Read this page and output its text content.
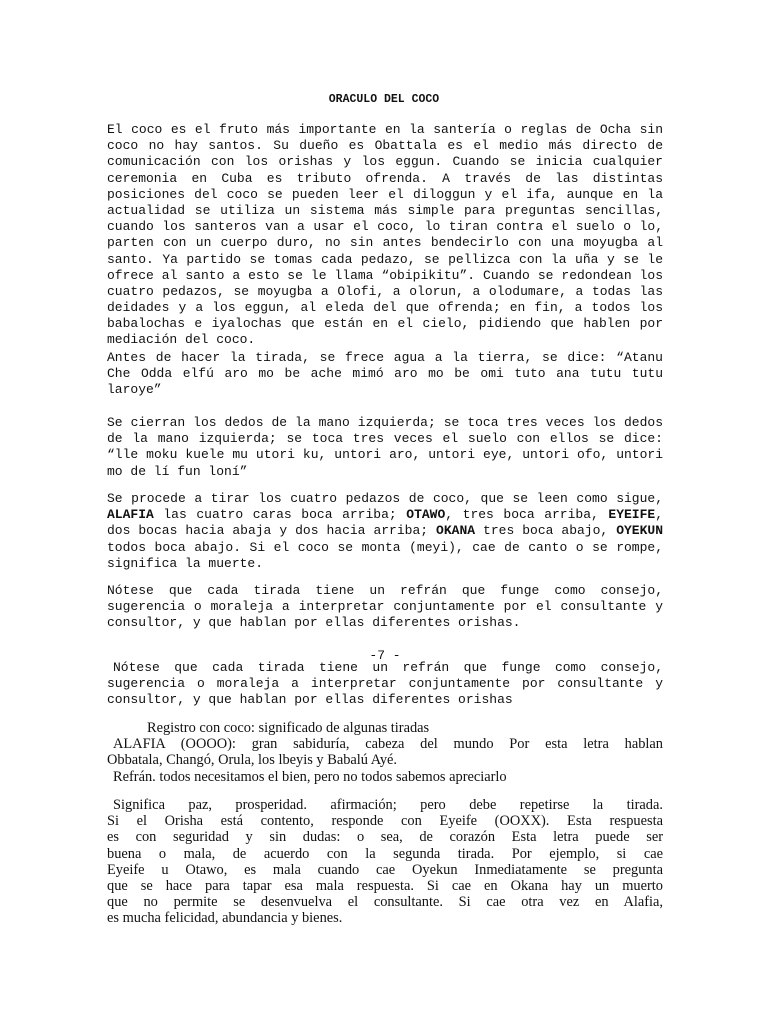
ORACULO DEL COCO
El coco es el fruto más importante en la santería o reglas de Ocha sin
coco no hay santos. Su dueño es Obattala es el medio más directo de
comunicación con los orishas y los eggun. Cuando se inicia cualquier
ceremonia en Cuba es tributo ofrenda. A través de las distintas
posiciones del coco se pueden leer el diloggun y el ifa, aunque en la
actualidad se utiliza un sistema más simple para preguntas sencillas,
cuando los santeros van a usar el coco, lo tiran contra el suelo o lo,
parten con un cuerpo duro, no sin antes bendecirlo con una moyugba al
santo. Ya partido se tomas cada pedazo, se pellizca con la uña y se le
ofrece al santo a esto se le llama “obipikitu”. Cuando se redondean los
cuatro pedazos, se moyugba a Olofi, a olorun, a olodumare, a todas las
deidades y a los eggun, al eleda del que ofrenda; en fin, a todos los
babalochas e iyalochas que están en el cielo, pidiendo que hablen por
mediación del coco.
Antes de hacer la tirada, se frece agua a la tierra, se dice: “Atanu
Che Odda elfú aro mo be ache mimó aro mo be omi tuto ana tutu tutu
laroye”
Se cierran los dedos de la mano izquierda; se toca tres veces los dedos
de la mano izquierda; se toca tres veces el suelo con ellos se dice:
“lle moku kuele mu utori ku, untori aro, untori eye, untori ofo, untori
mo de lí fun loní”
Se procede a tirar los cuatro pedazos de coco, que se leen como sigue,
ALAFIA las cuatro caras boca arriba; OTAWO, tres boca arriba, EYEIFE,
dos bocas hacia abaja y dos hacia arriba; OKANA tres boca abajo, OYEKUN
todos boca abajo. Si el coco se monta (meyi), cae de canto o se rompe,
significa la muerte.
Nótese que cada tirada tiene un refrán que funge como consejo,
sugerencia o moraleja a interpretar conjuntamente por el consultante y
consultor, y que hablan por ellas diferentes orishas.
-7 -
Nótese que cada tirada tiene un refrán que funge como consejo,
sugerencia o moraleja a interpretar conjuntamente por consultante y
consultor, y que hablan por ellas diferentes orishas
Registro con coco: significado de algunas tiradas
ALAFIA (OOOO): gran sabiduría, cabeza del mundo Por esta letra hablan
Obbatala, Changó, Orula, los lbeyis y Babalú Ayé.
Refrán. todos necesitamos el bien, pero no todos sabemos apreciarlo
Significa paz, prosperidad. afirmación; pero debe repetirse la tirada.
Si el Orisha está contento, responde con Eyeife (OOXX). Esta respuesta
es con seguridad y sin dudas: o sea, de corazón Esta letra puede ser
buena o mala, de acuerdo con la segunda tirada. Por ejemplo, si cae
Eyeife u Otawo, es mala cuando cae Oyekun Inmediatamente se pregunta
que se hace para tapar esa mala respuesta. Si cae en Okana hay un muerto
que no permite se desenvuelva el consultante. Si cae otra vez en Alafia,
es mucha felicidad, abundancia y bienes.
